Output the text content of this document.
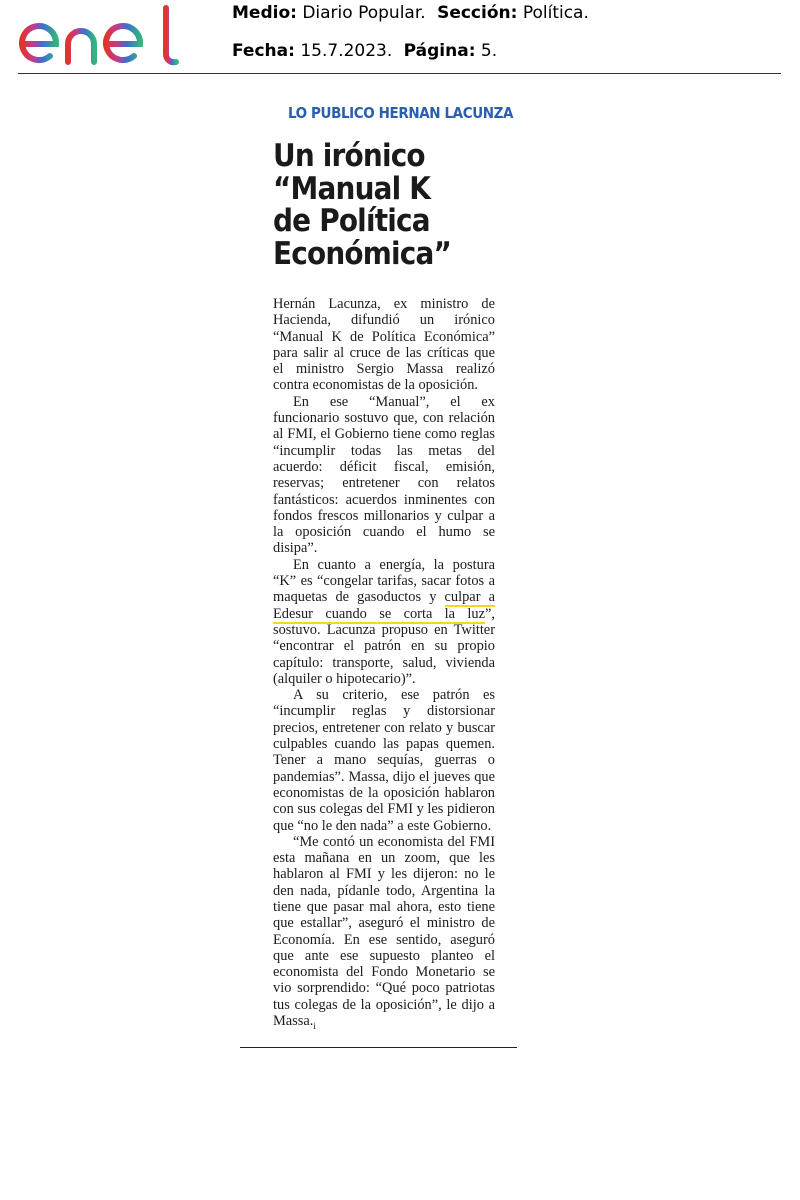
Medio: Diario Popular. Sección: Política.
Fecha: 15.7.2023. Página: 5.
LO PUBLICO HERNAN LACUNZA
Un irónico
“Manual K
de Política
Económica”

Hernán Lacunza, ex ministro de Hacienda, difundió un irónico “Manual K de Política Económica” para salir al cruce de las críticas que el ministro Sergio Massa realizó contra economistas de la oposición.

En ese “Manual”, el ex funcionario sostuvo que, con relación al FMI, el Gobierno tiene como reglas “incumplir todas las metas del acuerdo: déficit fiscal, emisión, reservas; entretener con relatos fantásticos: acuerdos inminentes con fondos frescos millonarios y culpar a la oposición cuando el humo se disipa”.

En cuanto a energía, la postura “K” es “congelar tarifas, sacar fotos a maquetas de gasoductos y culpar a Edesur cuando se corta la luz”, sostuvo. Lacunza propuso en Twitter “encontrar el patrón en su propio capítulo: transporte, salud, vivienda (alquiler o hipotecario)”.

A su criterio, ese patrón es “incumplir reglas y distorsionar precios, entretener con relato y buscar culpables cuando las papas quemen. Tener a mano sequías, guerras o pandemias”. Massa, dijo el jueves que economistas de la oposición hablaron con sus colegas del FMI y les pidieron que “no le den nada” a este Gobierno.

“Me contó un economista del FMI esta mañana en un zoom, que les hablaron al FMI y les dijeron: no le den nada, pídanle todo, Argentina la tiene que pasar mal ahora, esto tiene que estallar”, aseguró el ministro de Economía. En ese sentido, aseguró que ante ese supuesto planteo el economista del Fondo Monetario se vio sorprendido: “Qué poco patriotas tus colegas de la oposición”, le dijo a $Massa._i$
